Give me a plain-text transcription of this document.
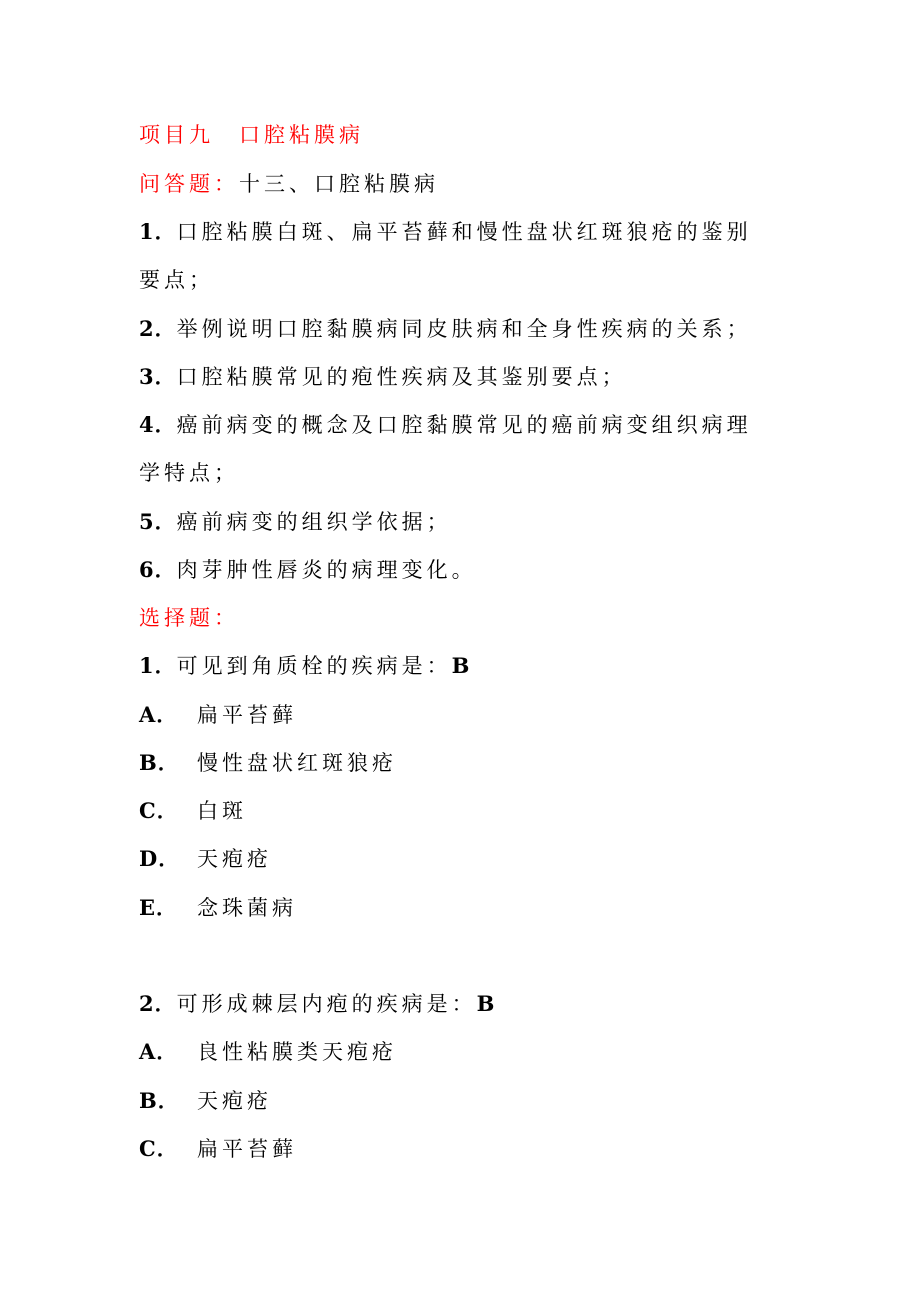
项目九　口腔粘膜病
问答题：十三、口腔粘膜病
1．口腔粘膜白斑、扁平苔藓和慢性盘状红斑狼疮的鉴别
要点；
2．举例说明口腔黏膜病同皮肤病和全身性疾病的关系；
3．口腔粘膜常见的疱性疾病及其鉴别要点；
4．癌前病变的概念及口腔黏膜常见的癌前病变组织病理
学特点；
5．癌前病变的组织学依据；
6．肉芽肿性唇炎的病理变化。
选择题：
1．可见到角质栓的疾病是：B
A． 扁平苔藓
B． 慢性盘状红斑狼疮
C． 白斑
D． 天疱疮
E． 念珠菌病
2．可形成棘层内疱的疾病是：B
A． 良性粘膜类天疱疮
B． 天疱疮
C． 扁平苔藓
